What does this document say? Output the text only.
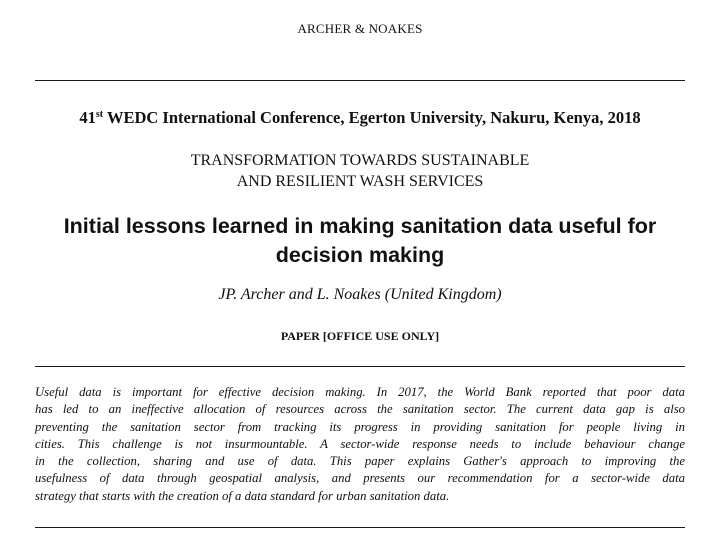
ARCHER & NOAKES
41st WEDC International Conference, Egerton University, Nakuru, Kenya, 2018
TRANSFORMATION TOWARDS SUSTAINABLE
AND RESILIENT WASH SERVICES
Initial lessons learned in making sanitation data useful for
decision making
JP. Archer and L. Noakes (United Kingdom)
PAPER [OFFICE USE ONLY]
Useful data is important for effective decision making. In 2017, the World Bank reported that poor data
has led to an ineffective allocation of resources across the sanitation sector. The current data gap is also
preventing the sanitation sector from tracking its progress in providing sanitation for people living in
cities. This challenge is not insurmountable. A sector-wide response needs to include behaviour change
in the collection, sharing and use of data. This paper explains Gather's approach to improving the
usefulness of data through geospatial analysis, and presents our recommendation for a sector-wide data
strategy that starts with the creation of a data standard for urban sanitation data.
